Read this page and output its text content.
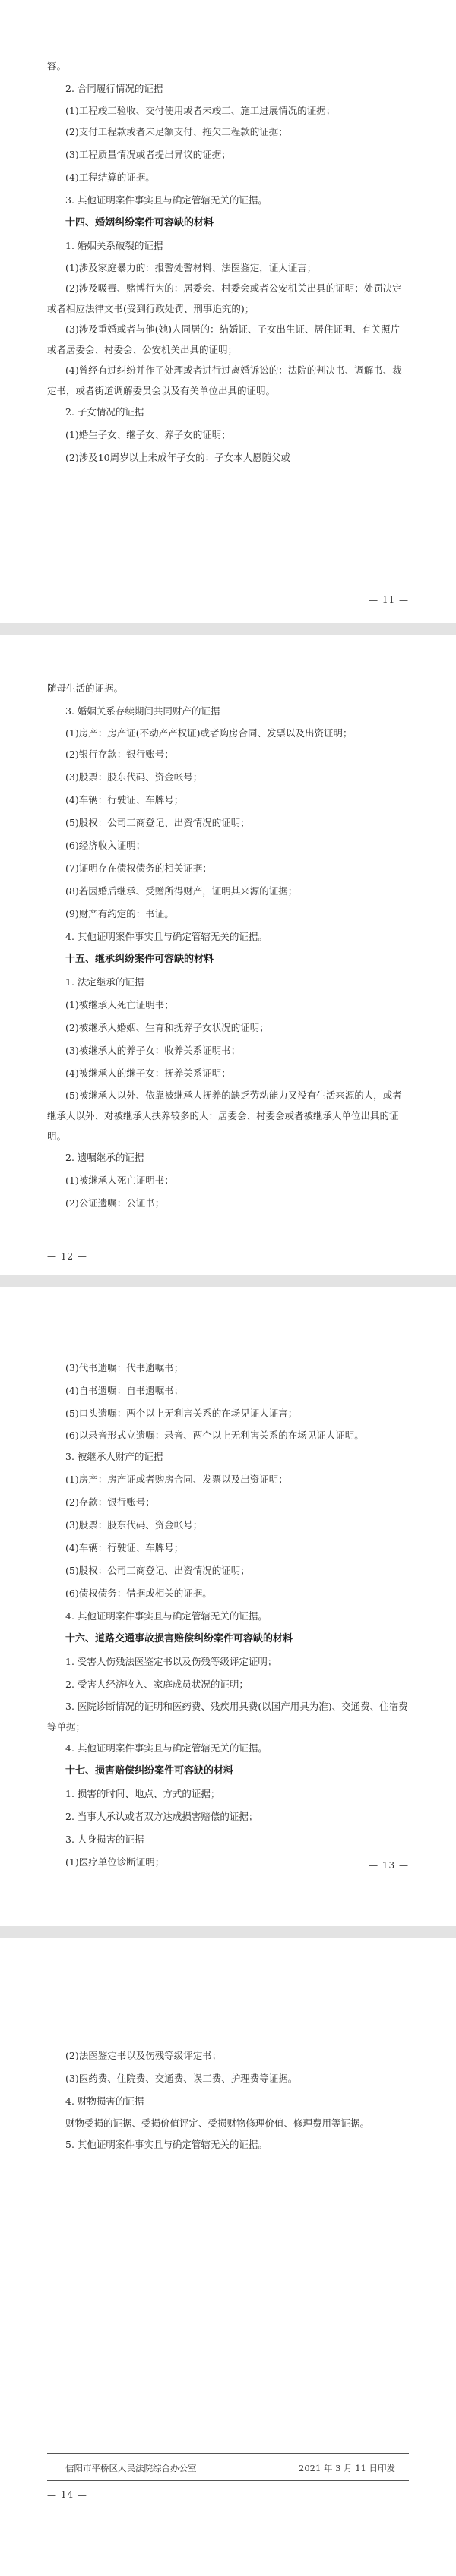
容。
2. 合同履行情况的证据
(1)工程竣工验收、交付使用或者未竣工、施工进展情况的证据；
(2)支付工程款或者未足额支付、拖欠工程款的证据；
(3)工程质量情况或者提出异议的证据；
(4)工程结算的证据。
3. 其他证明案件事实且与确定管辖无关的证据。
十四、婚姻纠纷案件可容缺的材料
1. 婚姻关系破裂的证据
(1)涉及家庭暴力的：报警处警材料、法医鉴定，证人证言；
(2)涉及吸毒、赌博行为的：居委会、村委会或者公安机关出具的证明；处罚决定或者相应法律文书(受到行政处罚、刑事追究的)；
(3)涉及重婚或者与他(她)人同居的：结婚证、子女出生证、居住证明、有关照片或者居委会、村委会、公安机关出具的证明；
(4)曾经有过纠纷并作了处理或者进行过离婚诉讼的：法院的判决书、调解书、裁定书，或者街道调解委员会以及有关单位出具的证明。
2. 子女情况的证据
(1)婚生子女、继子女、养子女的证明；
(2)涉及10周岁以上未成年子女的：子女本人愿随父或
— 11 —
随母生活的证据。
3. 婚姻关系存续期间共同财产的证据
(1)房产：房产证(不动产产权证)或者购房合同、发票以及出资证明；
(2)银行存款：银行账号；
(3)股票：股东代码、资金帐号；
(4)车辆：行驶证、车牌号；
(5)股权：公司工商登记、出资情况的证明；
(6)经济收入证明；
(7)证明存在债权债务的相关证据；
(8)若因婚后继承、受赠所得财产，证明其来源的证据；
(9)财产有约定的：书证。
4. 其他证明案件事实且与确定管辖无关的证据。
十五、继承纠纷案件可容缺的材料
1. 法定继承的证据
(1)被继承人死亡证明书；
(2)被继承人婚姻、生育和抚养子女状况的证明；
(3)被继承人的养子女：收养关系证明书；
(4)被继承人的继子女：抚养关系证明；
(5)被继承人以外、依靠被继承人抚养的缺乏劳动能力又没有生活来源的人，或者继承人以外、对被继承人扶养较多的人：居委会、村委会或者被继承人单位出具的证明。
2. 遗嘱继承的证据
(1)被继承人死亡证明书；
(2)公证遗嘱：公证书；
— 12 —
(3)代书遗嘱：代书遗嘱书；
(4)自书遗嘱：自书遗嘱书；
(5)口头遗嘱：两个以上无利害关系的在场见证人证言；
(6)以录音形式立遗嘱：录音、两个以上无利害关系的在场见证人证明。
3. 被继承人财产的证据
(1)房产：房产证或者购房合同、发票以及出资证明；
(2)存款：银行账号；
(3)股票：股东代码、资金帐号；
(4)车辆：行驶证、车牌号；
(5)股权：公司工商登记、出资情况的证明；
(6)债权债务：借据或相关的证据。
4. 其他证明案件事实且与确定管辖无关的证据。
十六、道路交通事故损害赔偿纠纷案件可容缺的材料
1. 受害人伤残法医鉴定书以及伤残等级评定证明；
2. 受害人经济收入、家庭成员状况的证明；
3. 医院诊断情况的证明和医药费、残疾用具费(以国产用具为准)、交通费、住宿费等单据；
4. 其他证明案件事实且与确定管辖无关的证据。
十七、损害赔偿纠纷案件可容缺的材料
1. 损害的时间、地点、方式的证据；
2. 当事人承认或者双方达成损害赔偿的证据；
3. 人身损害的证据
(1)医疗单位诊断证明；	— 13 —
(2)法医鉴定书以及伤残等级评定书；
(3)医药费、住院费、交通费、误工费、护理费等证据。
4. 财物损害的证据
财物受损的证据、受损价值评定、受损财物修理价值、修理费用等证据。
5. 其他证明案件事实且与确定管辖无关的证据。
信阳市平桥区人民法院综合办公室	2021 年 3 月 11 日印发
— 14 —
